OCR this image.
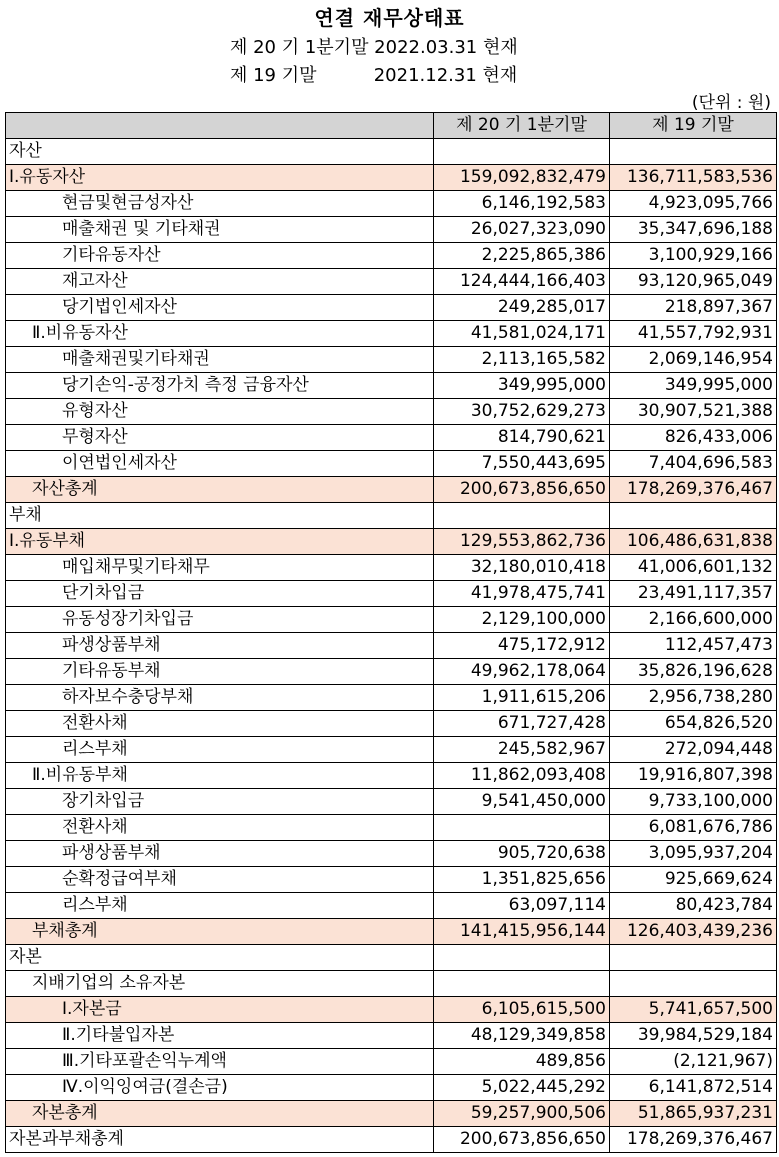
연결 재무상태표
제 20 기 1분기말 2022.03.31 현재
제 19 기말          2021.12.31 현재
(단위 : 원)
	제 20 기 1분기말	제 19 기말
자산		
Ⅰ.유동자산	159,092,832,479	136,711,583,536
현금및현금성자산	6,146,192,583	4,923,095,766
매출채권 및 기타채권	26,027,323,090	35,347,696,188
기타유동자산	2,225,865,386	3,100,929,166
재고자산	124,444,166,403	93,120,965,049
당기법인세자산	249,285,017	218,897,367
Ⅱ.비유동자산	41,581,024,171	41,557,792,931
매출채권및기타채권	2,113,165,582	2,069,146,954
당기손익-공정가치 측정 금융자산	349,995,000	349,995,000
유형자산	30,752,629,273	30,907,521,388
무형자산	814,790,621	826,433,006
이연법인세자산	7,550,443,695	7,404,696,583
자산총계	200,673,856,650	178,269,376,467
부채		
Ⅰ.유동부채	129,553,862,736	106,486,631,838
매입채무및기타채무	32,180,010,418	41,006,601,132
단기차입금	41,978,475,741	23,491,117,357
유동성장기차입금	2,129,100,000	2,166,600,000
파생상품부채	475,172,912	112,457,473
기타유동부채	49,962,178,064	35,826,196,628
하자보수충당부채	1,911,615,206	2,956,738,280
전환사채	671,727,428	654,826,520
리스부채	245,582,967	272,094,448
Ⅱ.비유동부채	11,862,093,408	19,916,807,398
장기차입금	9,541,450,000	9,733,100,000
전환사채		6,081,676,786
파생상품부채	905,720,638	3,095,937,204
순확정급여부채	1,351,825,656	925,669,624
리스부채	63,097,114	80,423,784
부채총계	141,415,956,144	126,403,439,236
자본		
지배기업의 소유자본		
Ⅰ.자본금	6,105,615,500	5,741,657,500
Ⅱ.기타불입자본	48,129,349,858	39,984,529,184
Ⅲ.기타포괄손익누계액	489,856	(2,121,967)
Ⅳ.이익잉여금(결손금)	5,022,445,292	6,141,872,514
자본총계	59,257,900,506	51,865,937,231
자본과부채총계	200,673,856,650	178,269,376,467
